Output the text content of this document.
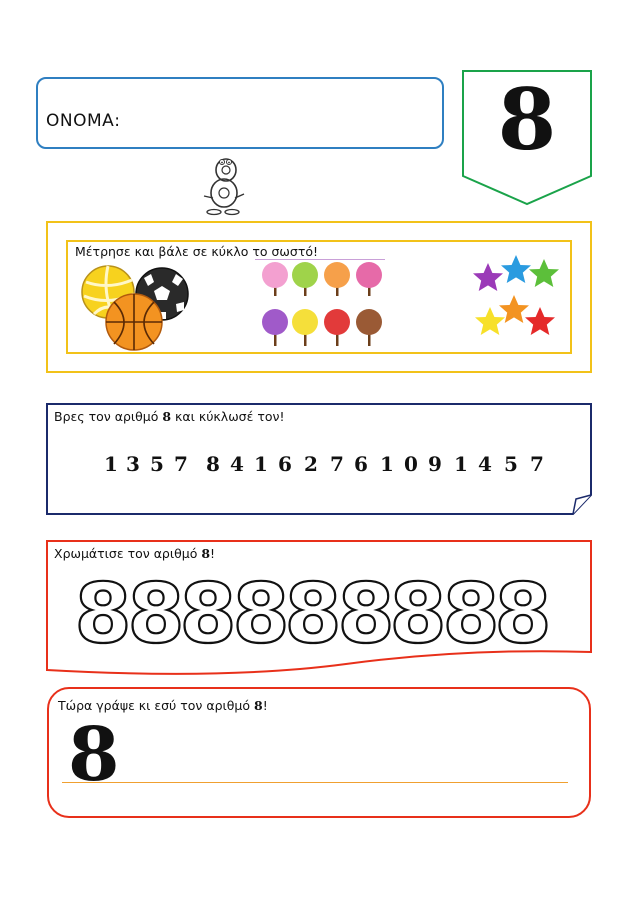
ΟΝΟΜΑ:	8
Μέτρησε και βάλε σε κύκλο το σωστό!
Βρες τον αριθμό 8 και κύκλωσέ τον!
1 3 5 7 8 4 1 6 2 7 6 1 0 9 1 4 5 7
Χρωμάτισε τον αριθμό 8!
8
8
8
8
8
8
8
8
8
Τώρα γράψε κι εσύ τον αριθμό 8!
8
